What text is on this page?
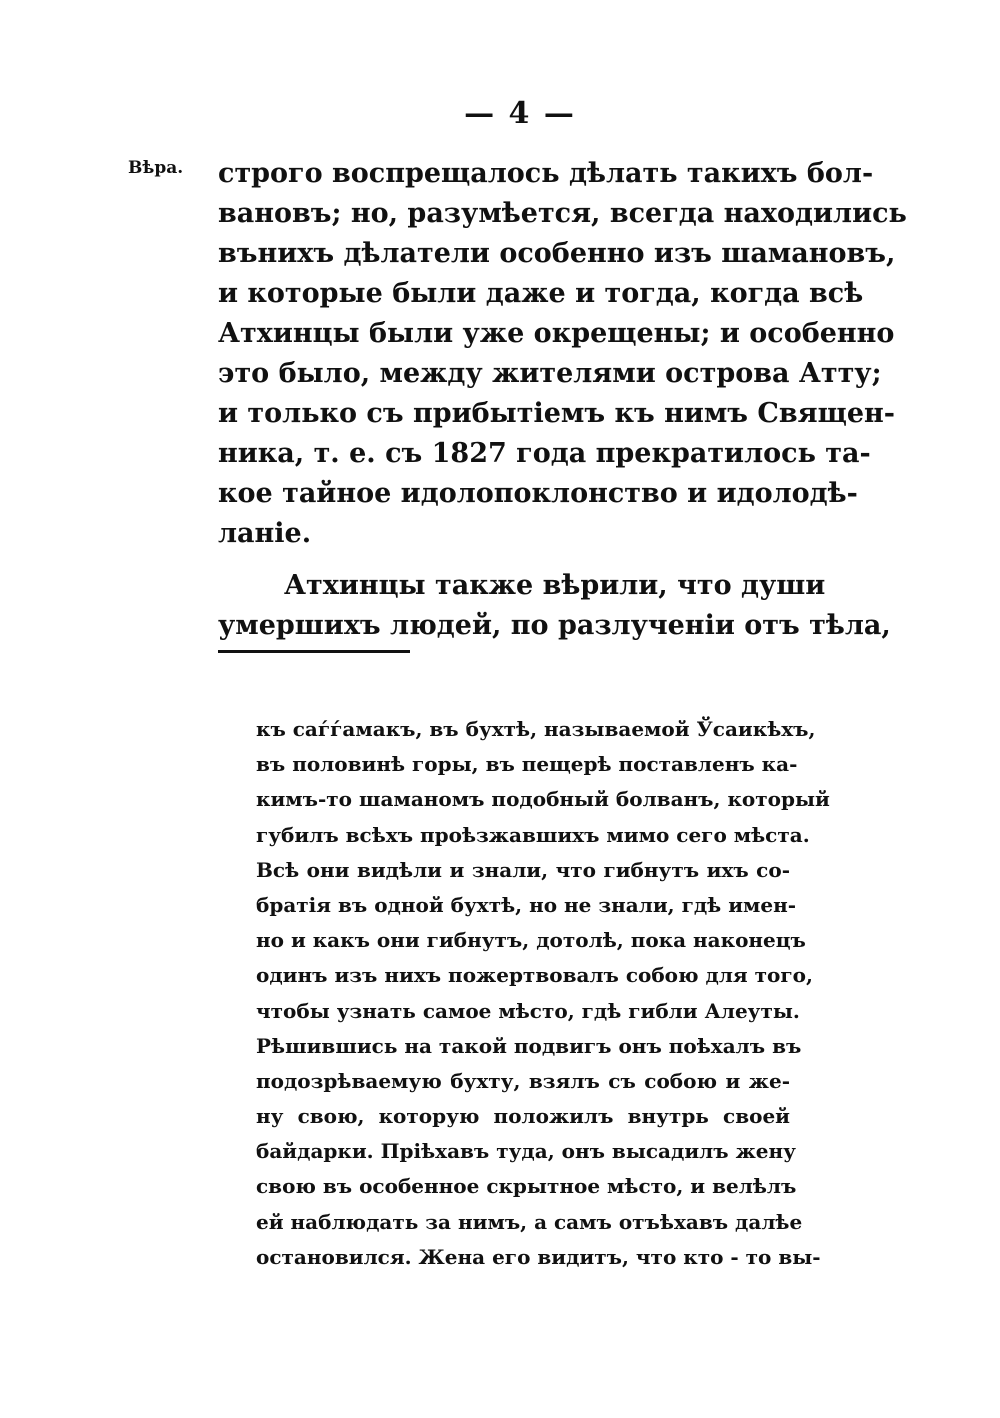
— 4 —
Вѣра. строго воспрещалось дѣлать такихъ бол-
вановъ; но, разумѣется, всегда находились
вънихъ дѣлатели особенно изъ шамановъ,
и которые были даже и тогда, когда всѣ
Атхинцы были уже окрещены; и особенно
это было, между жителями острова Атту;
и только съ прибытіемъ къ нимъ Священ-
ника, т. е. съ 1827 года прекратилось та-
кое тайное идолопоклонство и идолодѣ-
ланіе.
Атхинцы также вѣрили, что души
умершихъ людей, по разлученіи отъ тѣла,
къ саѓѓамакъ, въ бухтѣ, называемой Ўсаикѣхъ,
въ половинѣ горы, въ пещерѣ поставленъ ка-
кимъ-то шаманомъ подобный болванъ, который
губилъ всѣхъ проѣзжавшихъ мимо сего мѣста.
Всѣ они видѣли и знали, что гибнутъ ихъ со-
братія въ одной бухтѣ, но не знали, гдѣ имен-
но и какъ они гибнутъ, дотолѣ, пока наконецъ
одинъ изъ нихъ пожертвовалъ собою для того,
чтобы узнать самое мѣсто, гдѣ гибли Алеуты.
Рѣшившись на такой подвигъ онъ поѣхалъ въ
подозрѣваемую бухту, взялъ съ собою и же-
ну свою, которую положилъ внутрь своей
байдарки. Пріѣхавъ туда, онъ высадилъ жену
свою въ особенное скрытное мѣсто, и велѣлъ
ей наблюдать за нимъ, а самъ отъѣхавъ далѣе
остановился. Жена его видитъ, что кто - то вы-
